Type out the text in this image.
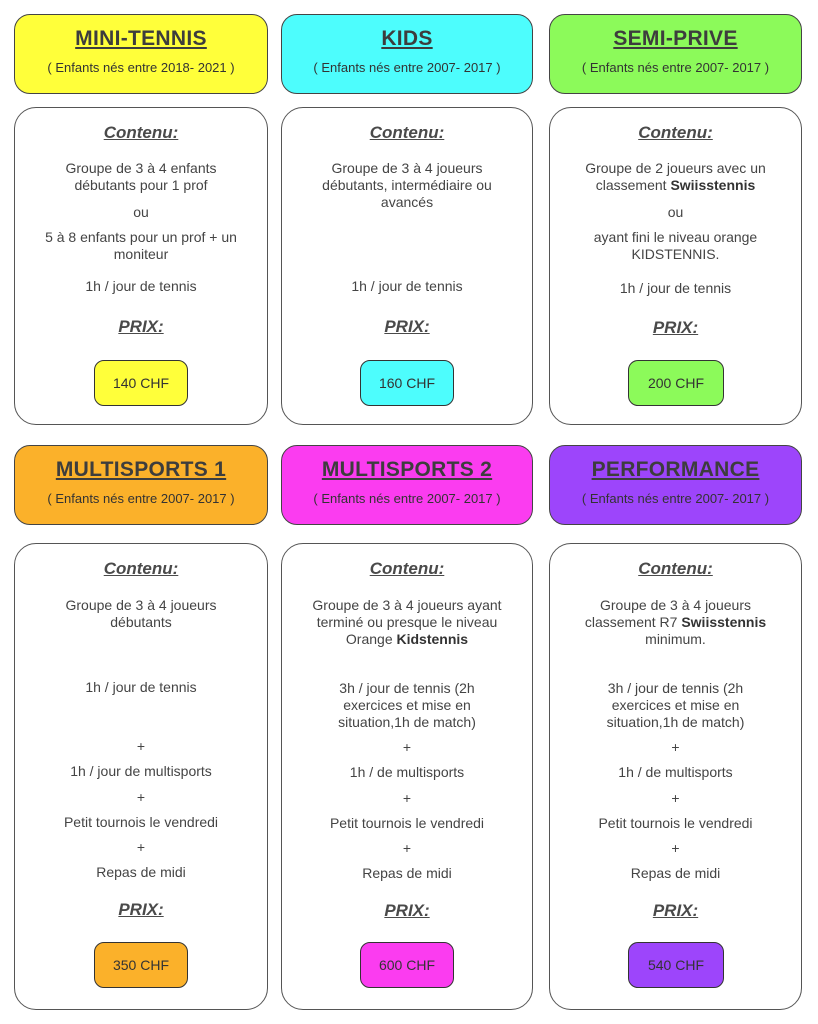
MINI-TENNIS
( Enfants nés entre 2018- 2021 )
Contenu:
Groupe de 3 à 4 enfants débutants pour 1 prof
ou
5 à 8 enfants pour un prof + un moniteur
1h / jour de tennis
PRIX:
140 CHF
KIDS
( Enfants nés entre 2007- 2017 )
Contenu:
Groupe de 3 à 4 joueurs débutants, intermédiaire ou avancés
1h / jour de tennis
PRIX:
160 CHF
SEMI-PRIVE
( Enfants nés entre 2007- 2017 )
Contenu:
Groupe de 2 joueurs avec un classement Swiisstennis
ou
ayant fini le niveau orange KIDSTENNIS.
1h / jour de tennis
PRIX:
200 CHF
MULTISPORTS 1
( Enfants nés entre 2007- 2017 )
Contenu:
Groupe de 3 à 4 joueurs débutants
1h / jour de tennis
+
1h / jour de multisports
+
Petit tournois le vendredi
+
Repas de midi
PRIX:
350 CHF
MULTISPORTS 2
( Enfants nés entre 2007- 2017 )
Contenu:
Groupe de 3 à 4 joueurs ayant terminé ou presque le niveau Orange Kidstennis
3h / jour de tennis (2h exercices et mise en situation,1h de match)
+
1h / de multisports
+
Petit tournois le vendredi
+
Repas de midi
PRIX:
600 CHF
PERFORMANCE
( Enfants nés entre 2007- 2017 )
Contenu:
Groupe de 3 à 4 joueurs classement R7 Swiisstennis minimum.
3h / jour de tennis (2h exercices et mise en situation,1h de match)
+
1h / de multisports
+
Petit tournois le vendredi
+
Repas de midi
PRIX:
540 CHF
